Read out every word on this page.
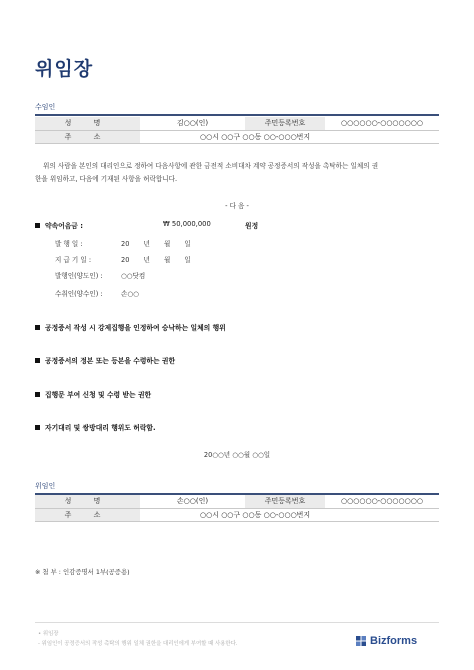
위임장
수임인
성 명	김○○(인)	주민등록번호	○○○○○○-○○○○○○○
주 소	○○시 ○○구 ○○동 ○○-○○○번지		
위의 사람을 본인의 대리인으로 정하여 다음사항에 관한 금전적 소비대차 계약 공정증서의 작성을 촉탁하는 일체의 권
한을 위임하고, 다음에 기재된 사항을 허락합니다.
- 다 음 -
약속어음금 :	₩ 50,000,000	원정
발 행 일 :	20 년 월 일
지 급 기 일 :	20 년 월 일
발행인(양도인) :	○○닷컴
수취인(양수인) :	손○○
공정증서 작성 시 강제집행을 인정하여 승낙하는 일체의 행위
공정증서의 정본 또는 등본을 수령하는 권한
집행문 부여 신청 및 수령 받는 권한
자기대리 및 쌍방대리 행위도 허락함.
20○○년 ○○월 ○○일
위임인
성 명	손○○(인)	주민등록번호	○○○○○○-○○○○○○○
주 소	○○시 ○○구 ○○동 ○○-○○○번지		
※ 첨 부 : 인감증명서 1부(공증용)
• 위임장
- 위임인이 공정증서의 작성 촉탁의 행위 일체 권한을 대리인에게 부여할 때 사용한다.	Bizforms
